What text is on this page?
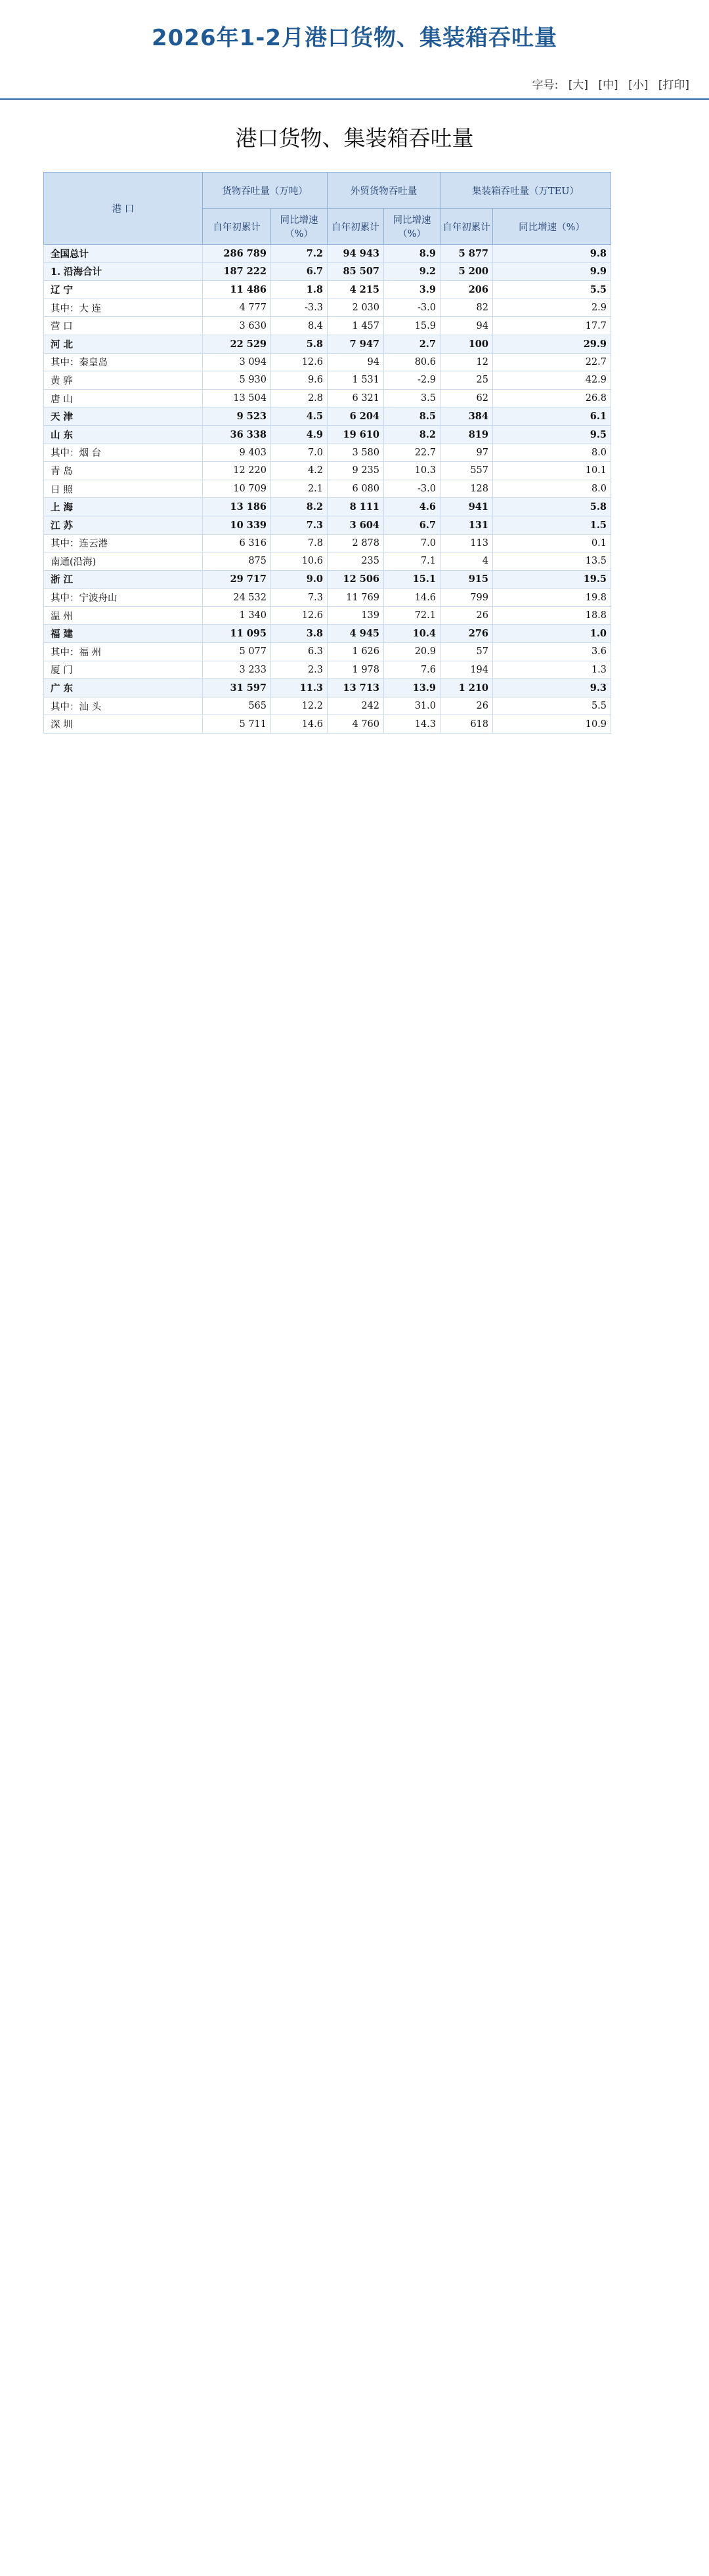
2026年1-2月港口货物、集装箱吞吐量
字号: [大] [中] [小] [打印]
港口货物、集装箱吞吐量
港 口	货物吞吐量（万吨）		外贸货物吞吐量		集装箱吞吐量（万TEU）	
	自年初累计	同比增速（%）	自年初累计	同比增速（%）	自年初累计	同比增速（%）
全国总计	286 789	7.2	94 943	8.9	5 877	9.8
1. 沿海合计	187 222	6.7	85 507	9.2	5 200	9.9
辽 宁	11 486	1.8	4 215	3.9	206	5.5
其中：大 连	4 777	-3.3	2 030	-3.0	82	2.9
营 口	3 630	8.4	1 457	15.9	94	17.7
河 北	22 529	5.8	7 947	2.7	100	29.9
其中：秦皇岛	3 094	12.6	94	80.6	12	22.7
黄 骅	5 930	9.6	1 531	-2.9	25	42.9
唐 山	13 504	2.8	6 321	3.5	62	26.8
天 津	9 523	4.5	6 204	8.5	384	6.1
山 东	36 338	4.9	19 610	8.2	819	9.5
其中：烟 台	9 403	7.0	3 580	22.7	97	8.0
青 岛	12 220	4.2	9 235	10.3	557	10.1
日 照	10 709	2.1	6 080	-3.0	128	8.0
上 海	13 186	8.2	8 111	4.6	941	5.8
江 苏	10 339	7.3	3 604	6.7	131	1.5
其中：连云港	6 316	7.8	2 878	7.0	113	0.1
南通(沿海)	875	10.6	235	7.1	4	13.5
浙 江	29 717	9.0	12 506	15.1	915	19.5
其中：宁波舟山	24 532	7.3	11 769	14.6	799	19.8
温 州	1 340	12.6	139	72.1	26	18.8
福 建	11 095	3.8	4 945	10.4	276	1.0
其中：福 州	5 077	6.3	1 626	20.9	57	3.6
厦 门	3 233	2.3	1 978	7.6	194	1.3
广 东	31 597	11.3	13 713	13.9	1 210	9.3
其中：汕 头	565	12.2	242	31.0	26	5.5
深 圳	5 711	14.6	4 760	14.3	618	10.9
